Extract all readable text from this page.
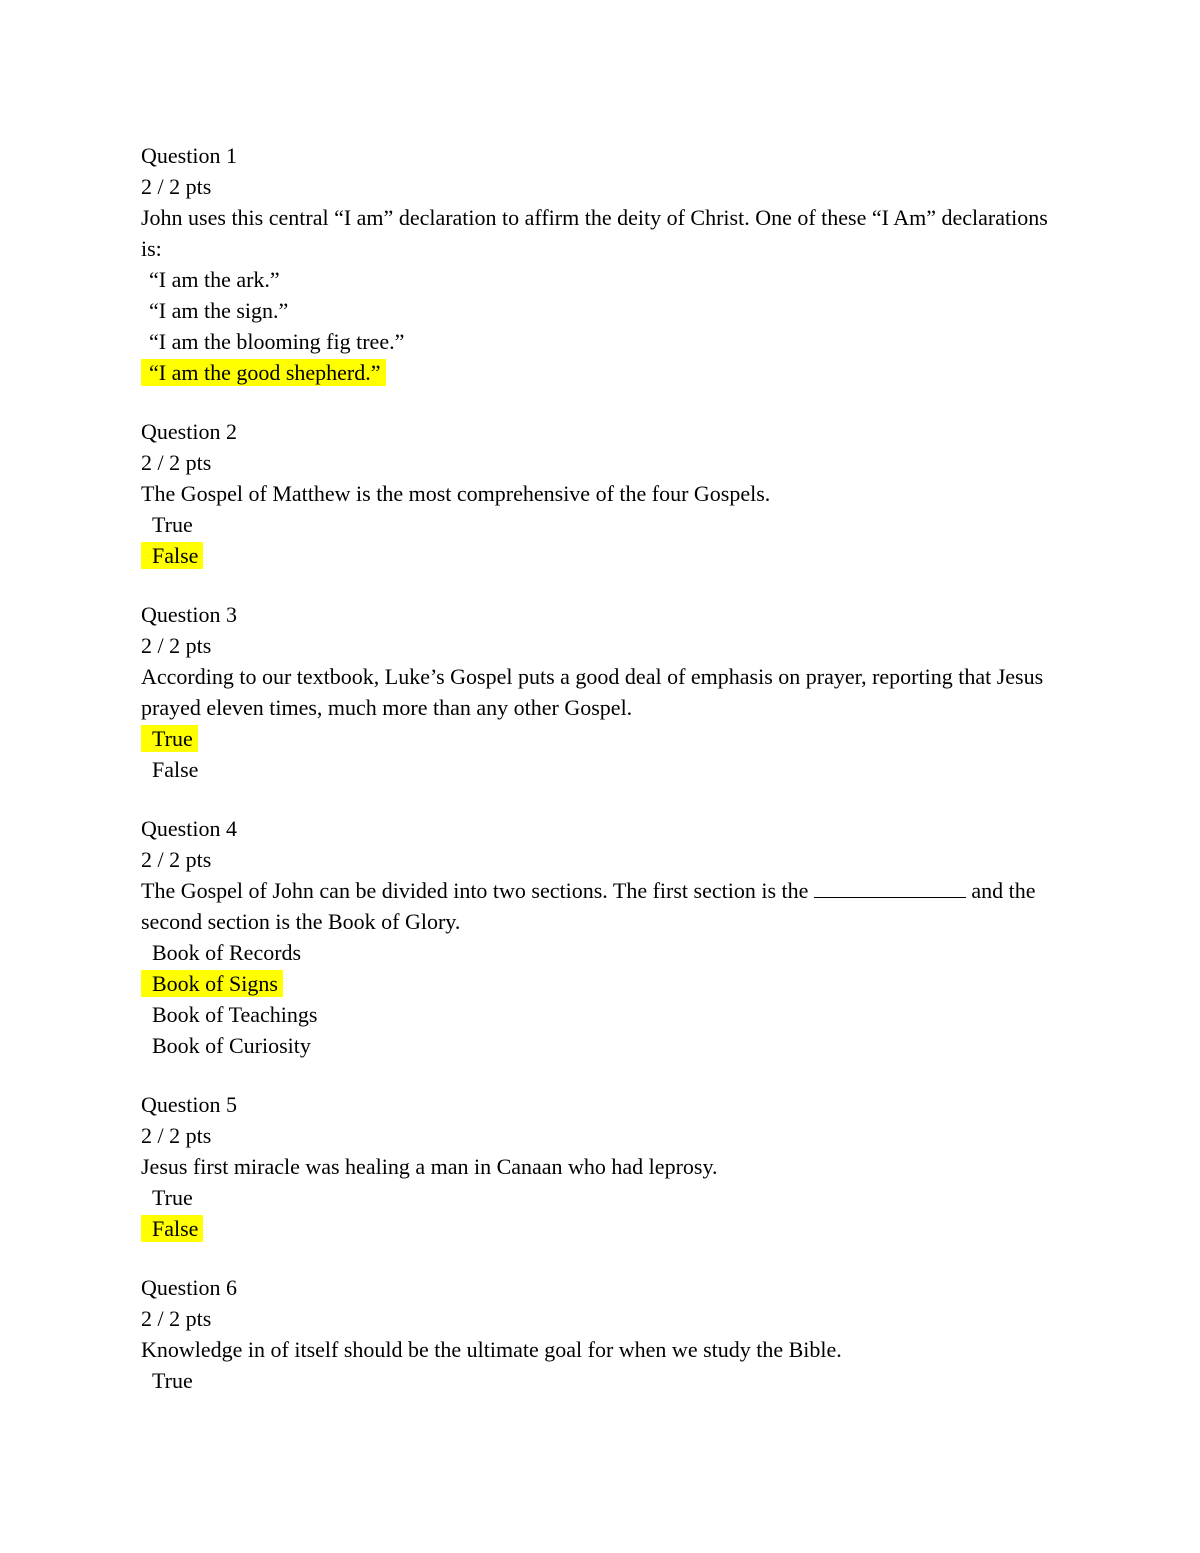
Question 1
2 / 2 pts
John uses this central “I am” declaration to affirm the deity of Christ. One of these “I Am” declarations is:
“I am the ark.”
“I am the sign.”
“I am the blooming fig tree.”
“I am the good shepherd.”
Question 2
2 / 2 pts
The Gospel of Matthew is the most comprehensive of the four Gospels.
True
False
Question 3
2 / 2 pts
According to our textbook, Luke’s Gospel puts a good deal of emphasis on prayer, reporting that Jesus prayed eleven times, much more than any other Gospel.
True
False
Question 4
2 / 2 pts
The Gospel of John can be divided into two sections. The first section is the	and the second section is the Book of Glory.
Book of Records
Book of Signs
Book of Teachings
Book of Curiosity
Question 5
2 / 2 pts
Jesus first miracle was healing a man in Canaan who had leprosy.
True
False
Question 6
2 / 2 pts
Knowledge in of itself should be the ultimate goal for when we study the Bible.
True
